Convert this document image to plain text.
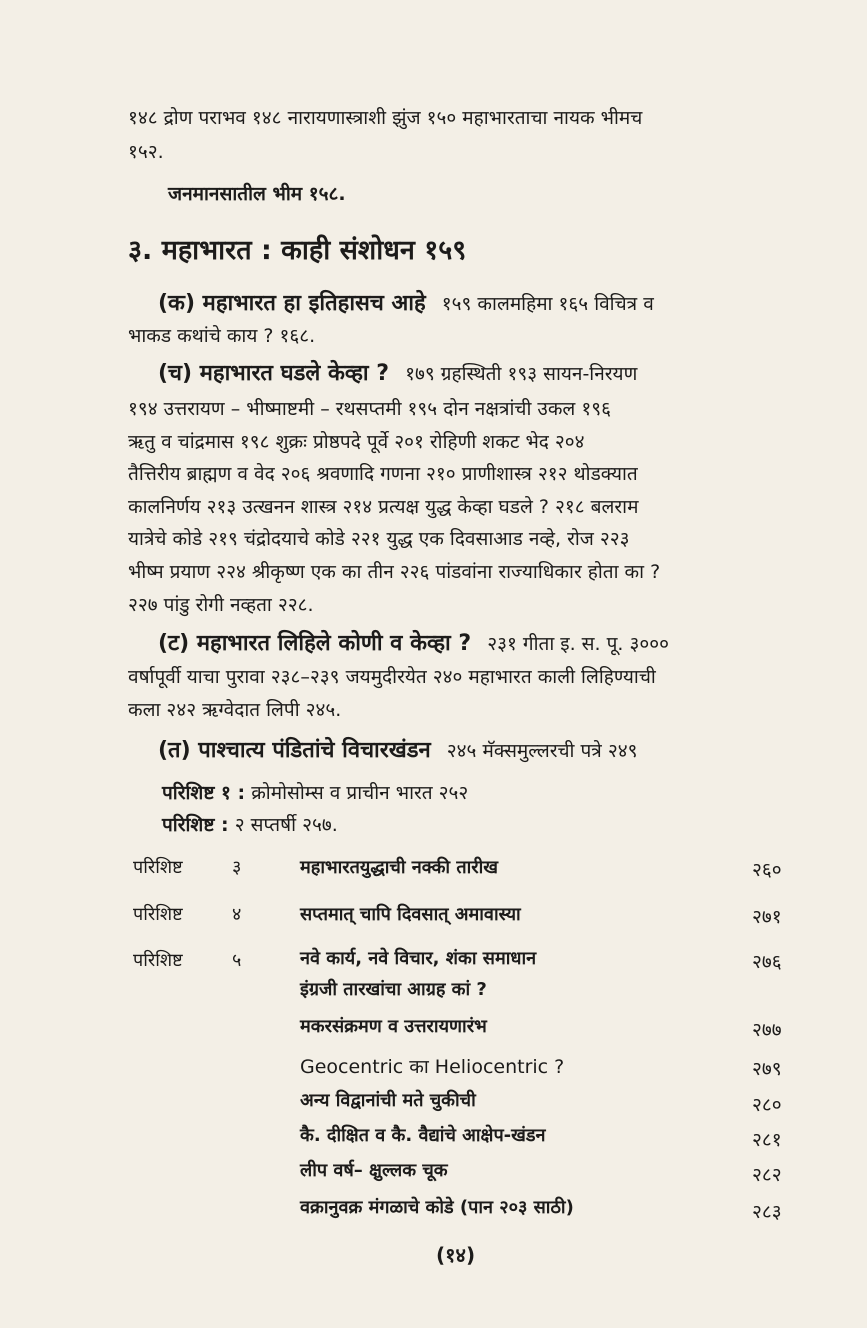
१४८ द्रोण पराभव १४८ नारायणास्त्राशी झुंज १५० महाभारताचा नायक भीमच
१५२.
जनमानसातील भीम १५८.
३. महाभारत : काही संशोधन १५९
(क) महाभारत हा इतिहासच आहे १५९ कालमहिमा १६५ विचित्र व
भाकड कथांचे काय ? १६८.
(च) महाभारत घडले केव्हा ? १७९ ग्रहस्थिती १९३ सायन-निरयण
१९४ उत्तरायण – भीष्माष्टमी – रथसप्तमी १९५ दोन नक्षत्रांची उकल १९६
ऋतु व चांद्रमास १९८ शुक्रः प्रोष्ठपदे पूर्वे २०१ रोहिणी शकट भेद २०४
तैत्तिरीय ब्राह्मण व वेद २०६ श्रवणादि गणना २१० प्राणीशास्त्र २१२ थोडक्यात
कालनिर्णय २१३ उत्खनन शास्त्र २१४ प्रत्यक्ष युद्ध केव्हा घडले ? २१८ बलराम
यात्रेचे कोडे २१९ चंद्रोदयाचे कोडे २२१ युद्ध एक दिवसाआड नव्हे, रोज २२३
भीष्म प्रयाण २२४ श्रीकृष्ण एक का तीन २२६ पांडवांना राज्याधिकार होता का ?
२२७ पांडु रोगी नव्हता २२८.
(ट) महाभारत लिहिले कोणी व केव्हा ? २३१ गीता इ. स. पू. ३०००
वर्षापूर्वी याचा पुरावा २३८–२३९ जयमुदीरयेत २४० महाभारत काली लिहिण्याची
कला २४२ ऋग्वेदात लिपी २४५.
(त) पाश्चात्य पंडितांचे विचारखंडन २४५ मॅक्समुल्लरची पत्रे २४९
परिशिष्ट १ : क्रोमोसोम्स व प्राचीन भारत २५२
परिशिष्ट : २ सप्तर्षी २५७.
परिशिष्ट	३	महाभारतयुद्धाची नक्की तारीख	२६०
परिशिष्ट	४	सप्तमात् चापि दिवसात् अमावास्या	२७१
परिशिष्ट	५	नवे कार्य, नवे विचार, शंका समाधान	२७६
इंग्रजी तारखांचा आग्रह कां ?
मकरसंक्रमण व उत्तरायणारंभ	२७७
Geocentric का Heliocentric ?	२७९
अन्य विद्वानांची मते चुकीची	२८०
कै. दीक्षित व कै. वैद्यांचे आक्षेप-खंडन	२८१
लीप वर्ष– क्षुल्लक चूक	२८२
वक्रानुवक्र मंगळाचे कोडे (पान २०३ साठी)	२८३
(१४)
